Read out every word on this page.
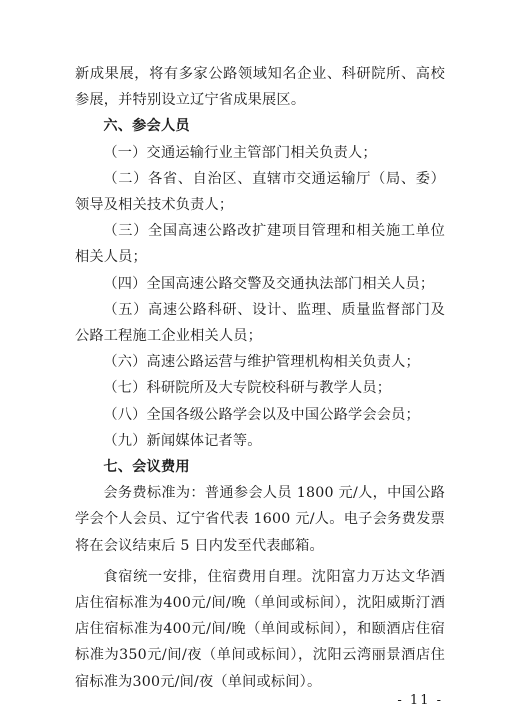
新成果展，将有多家公路领域知名企业、科研院所、高校参展，并特别设立辽宁省成果展区。

六、参会人员

（一）交通运输行业主管部门相关负责人；

（二）各省、自治区、直辖市交通运输厅（局、委）领导及相关技术负责人；

（三）全国高速公路改扩建项目管理和相关施工单位相关人员；

（四）全国高速公路交警及交通执法部门相关人员；

（五）高速公路科研、设计、监理、质量监督部门及公路工程施工企业相关人员；

（六）高速公路运营与维护管理机构相关负责人；

（七）科研院所及大专院校科研与教学人员；

（八）全国各级公路学会以及中国公路学会会员；

（九）新闻媒体记者等。

七、会议费用

会务费标准为：普通参会人员 1800 元/人，中国公路学会个人会员、辽宁省代表 1600 元/人。电子会务费发票将在会议结束后 5 日内发至代表邮箱。

食宿统一安排，住宿费用自理。沈阳富力万达文华酒店住宿标准为400元/间/晚（单间或标间），沈阳威斯汀酒店住宿标准为400元/间/晚（单间或标间），和颐酒店住宿标准为350元/间/夜（单间或标间），沈阳云湾丽景酒店住宿标准为300元/间/夜（单间或标间）。

- 11 -
